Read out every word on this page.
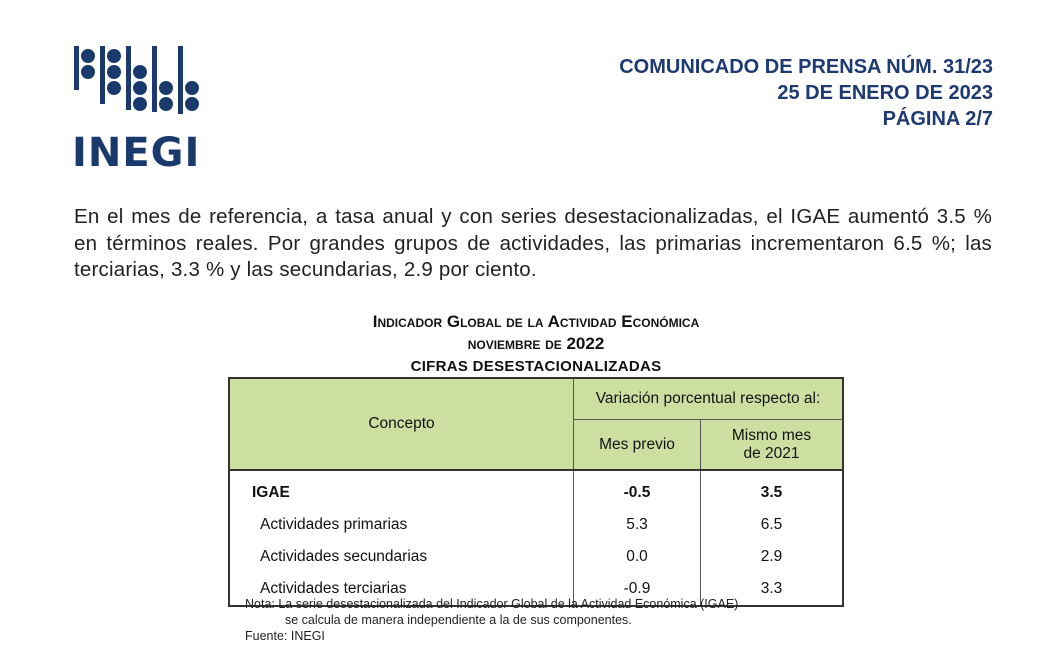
INEGI
COMUNICADO DE PRENSA NÚM. 31/23
25 DE ENERO DE 2023
PÁGINA 2/7

En el mes de referencia, a tasa anual y con series desestacionalizadas, el IGAE aumentó 3.5 % en términos reales. Por grandes grupos de actividades, las primarias incrementaron 6.5 %; las terciarias, 3.3 % y las secundarias, 2.9 por ciento.

Indicador Global de la Actividad Económica
noviembre de 2022
CIFRAS DESESTACIONALIZADAS
Concepto	Variación porcentual respecto al:	
	Mes previo	Mismo mes
de 2021

IGAE	-0.5	3.5
Actividades primarias	5.3	6.5
Actividades secundarias	0.0	2.9
Actividades terciarias	-0.9	3.3
Nota: La serie desestacionalizada del Indicador Global de la Actividad Económica (IGAE)
se calcula de manera independiente a la de sus componentes.
Fuente: INEGI
